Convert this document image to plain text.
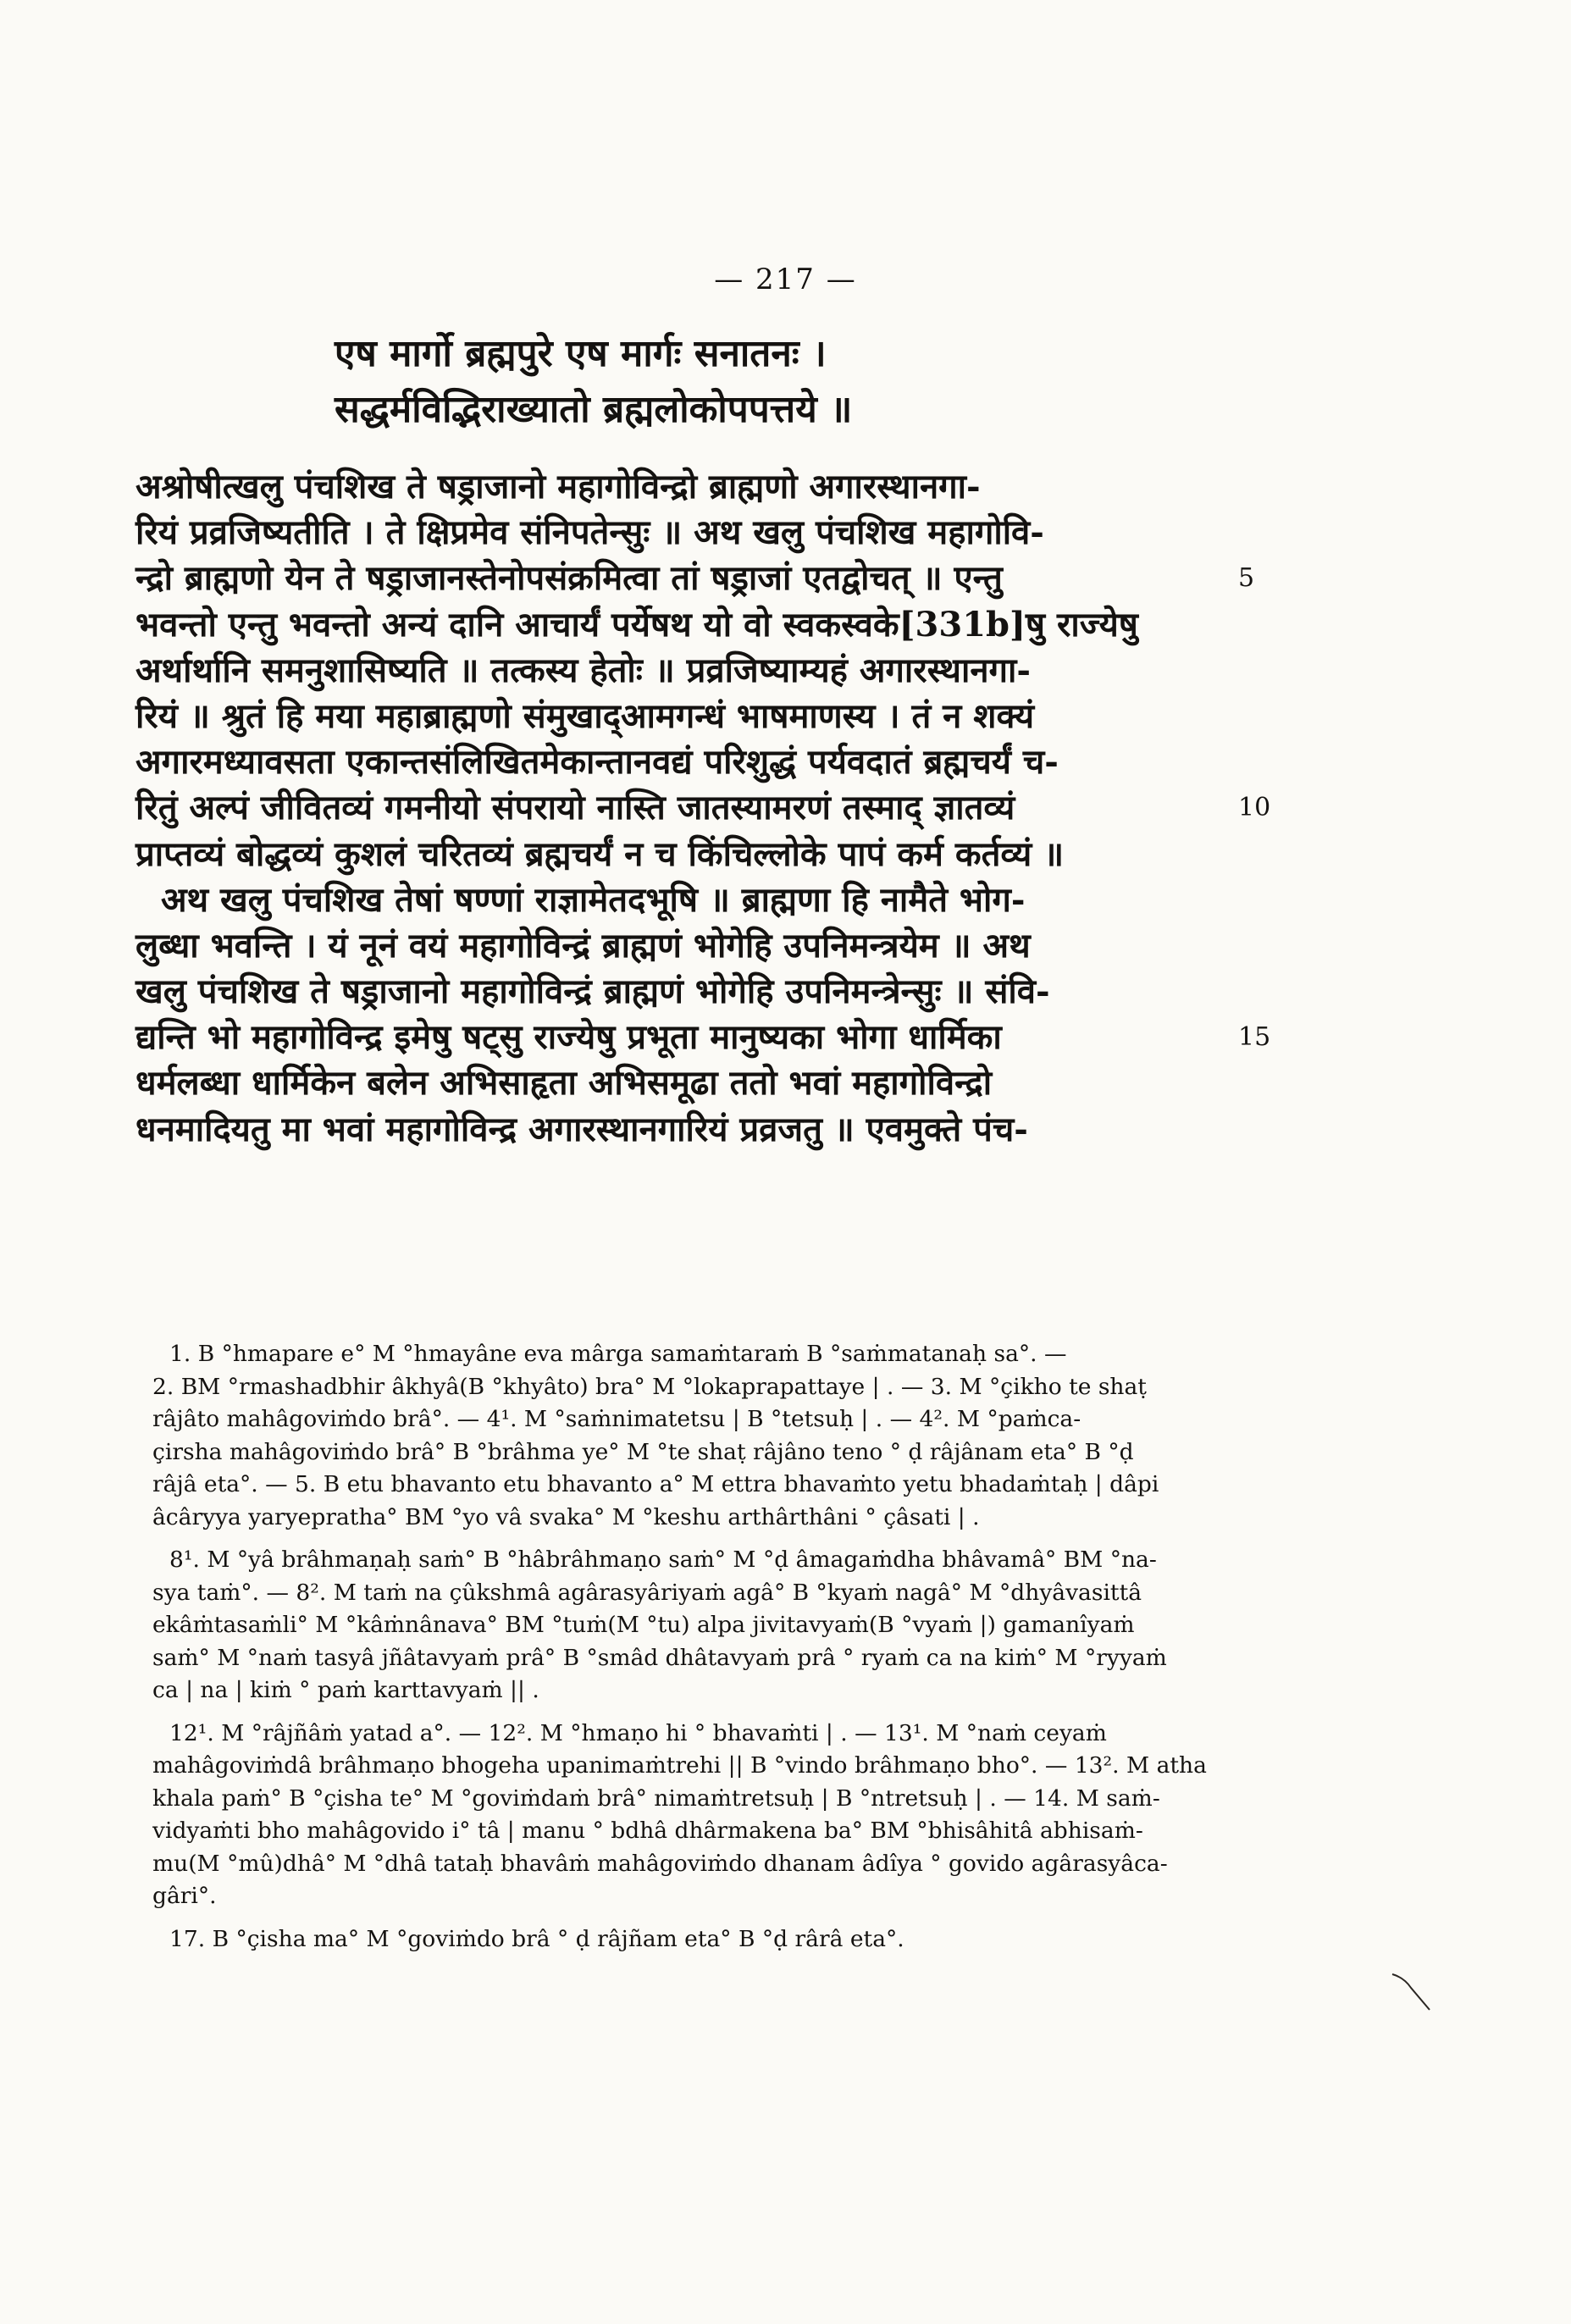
— 217 —
एष मार्गो ब्रह्मपुरे एष मार्गः सनातनः ।
सद्धर्मविद्भिराख्यातो ब्रह्मलोकोपपत्तये ॥
अश्रोषीत्खलु पंचशिख ते षड्राजानो महागोविन्द्रो ब्राह्मणो अगारस्थानगा-
रियं प्रव्रजिष्यतीति । ते क्षिप्रमेव संनिपतेन्सुः ॥ अथ खलु पंचशिख महागोवि-
न्द्रो ब्राह्मणो येन ते षड्राजानस्तेनोपसंक्रमित्वा तां षड्राजां एतद्वोचत् ॥ एन्तु	5
भवन्तो एन्तु भवन्तो अन्यं दानि आचार्यं पर्येषथ यो वो स्वकस्वके[331b]षु राज्येषु
अर्थार्थानि समनुशासिष्यति ॥ तत्कस्य हेतोः ॥ प्रव्रजिष्याम्यहं अगारस्थानगा-
रियं ॥ श्रुतं हि मया महाब्राह्मणो संमुखाद्आमगन्धं भाषमाणस्य । तं न शक्यं
अगारमध्यावसता एकान्तसंलिखितमेकान्तानवद्यं परिशुद्धं पर्यवदातं ब्रह्मचर्यं च-
रितुं अल्पं जीवितव्यं गमनीयो संपरायो नास्ति जातस्यामरणं तस्माद् ज्ञातव्यं	10
प्राप्तव्यं बोद्धव्यं कुशलं चरितव्यं ब्रह्मचर्यं न च किंचिल्लोके पापं कर्म कर्तव्यं ॥
अथ खलु पंचशिख तेषां षण्णां राज्ञामेतदभूषि ॥ ब्राह्मणा हि नामैते भोग-
लुब्धा भवन्ति । यं नूनं वयं महागोविन्द्रं ब्राह्मणं भोगेहि उपनिमन्त्रयेम ॥ अथ
खलु पंचशिख ते षड्राजानो महागोविन्द्रं ब्राह्मणं भोगेहि उपनिमन्त्रेन्सुः ॥ संवि-
द्यन्ति भो महागोविन्द्र इमेषु षट्सु राज्येषु प्रभूता मानुष्यका भोगा धार्मिका	15
धर्मलब्धा धार्मिकेन बलेन अभिसाहृता अभिसमूढा ततो भवां महागोविन्द्रो
धनमादियतु मा भवां महागोविन्द्र अगारस्थानगारियं प्रव्रजतु ॥ एवमुक्ते पंच-
1. B °hmapare e° M °hmayâne eva mârga samaṁtaraṁ B °saṁmatanaḥ sa°. —
2. BM °rmashadbhir âkhyâ(B °khyâto) bra° M °lokaprapattaye | . — 3. M °çikho te shaṭ
râjâto mahâgoviṁdo brâ°. — 4¹. M °saṁnimatetsu | B °tetsuḥ | . — 4². M °paṁca-
çirsha mahâgoviṁdo brâ° B °brâhma ye° M °te shaṭ râjâno teno ° ḍ râjânam eta° B °ḍ
râjâ eta°. — 5. B etu bhavanto etu bhavanto a° M ettra bhavaṁto yetu bhadaṁtaḥ | dâpi
âcâryya yaryepratha° BM °yo vâ svaka° M °keshu arthârthâni ° çâsati | .
8¹. M °yâ brâhmaṇaḥ saṁ° B °hâbrâhmaṇo saṁ° M °ḍ âmagaṁdha bhâvamâ° BM °na-
sya taṁ°. — 8². M taṁ na çûkshmâ agârasyâriyaṁ agâ° B °kyaṁ nagâ° M °dhyâvasittâ
ekâṁtasaṁli° M °kâṁnânava° BM °tuṁ(M °tu) alpa jivitavyaṁ(B °vyaṁ |) gamanîyaṁ
saṁ° M °naṁ tasyâ jñâtavyaṁ prâ° B °smâd dhâtavyaṁ prâ ° ryaṁ ca na kiṁ° M °ryyaṁ
ca | na | kiṁ ° paṁ karttavyaṁ || .
12¹. M °râjñâṁ yatad a°. — 12². M °hmaṇo hi ° bhavaṁti | . — 13¹. M °naṁ ceyaṁ
mahâgoviṁdâ brâhmaṇo bhogeha upanimaṁtrehi || B °vindo brâhmaṇo bho°. — 13². M atha
khala paṁ° B °çisha te° M °goviṁdaṁ brâ° nimaṁtretsuḥ | B °ntretsuḥ | . — 14. M saṁ-
vidyaṁti bho mahâgovido i° tâ | manu ° bdhâ dhârmakena ba° BM °bhisâhitâ abhisaṁ-
mu(M °mû)dhâ° M °dhâ tataḥ bhavâṁ mahâgoviṁdo dhanam âdîya ° govido agârasyâca-
gâri°.
17. B °çisha ma° M °goviṁdo brâ ° ḍ râjñam eta° B °ḍ rârâ eta°.
